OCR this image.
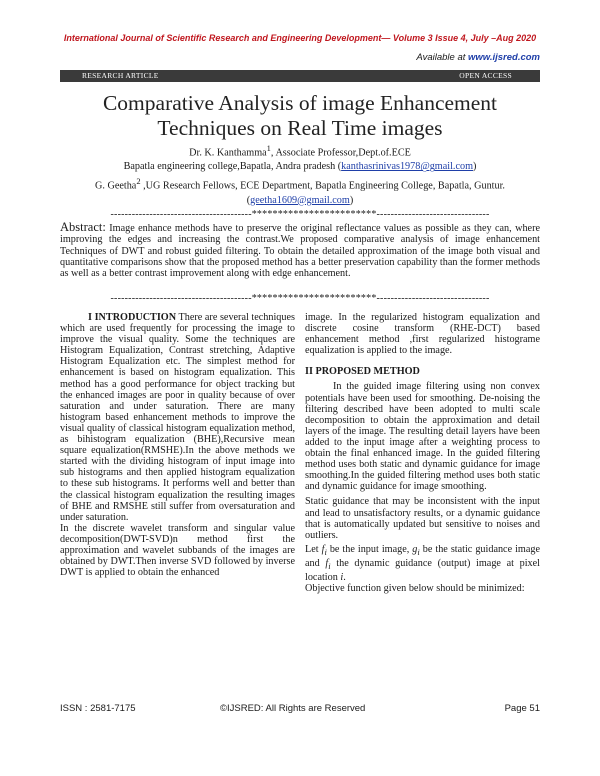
International Journal of Scientific Research and Engineering Development— Volume 3 Issue 4, July –Aug 2020
Available at www.ijsred.com
RESEARCH ARTICLE	OPEN ACCESS
Comparative Analysis of image Enhancement
Techniques on Real Time images
Dr. K. Kanthamma$^1$, Associate Professor,Dept.of.ECE
Bapatla engineering college,Bapatla, Andra pradesh (kanthasrinivas1978@gmail.com)
G. Geetha$^2$ ,UG Research Fellows, ECE Department, Bapatla Engineering College, Bapatla, Guntur.
(geetha1609@gmail.com)
----------------------------------------************************--------------------------------
Abstract: Image enhance methods have to preserve the original reflectance values as possible as they can, where improving the edges and increasing the contrast.We proposed comparative analysis of image enhancement Techniques of DWT and robust guided filtering. To obtain the detailed approximation of the image both visual and quantitative comparisons show that the proposed method has a better preservation capability than the former methods as well as a better contrast improvement along with edge enhancement.
----------------------------------------************************--------------------------------

I INTRODUCTION There are several techniques which are used frequently for processing the image to improve the visual quality. Some the techniques are Histogram Equalization, Contrast stretching, Adaptive Histogram Equalization etc. The simplest method for enhancement is based on histogram equalization. This method has a good performance for object tracking but the enhanced images are poor in quality because of over saturation and under saturation. There are many histogram based enhancement methods to improve the visual quality of classical histogram equalization method, as bihistogram equalization (BHE),Recursive mean square equalization(RMSHE).In the above methods we started with the dividing histogram of input image into sub histograms and then applied histogram equalization to these sub histograms. It performs well and better than the classical histogram equalization the resulting images of BHE and RMSHE still suffer from oversaturation and under saturation.

In the discrete wavelet transform and singular value decomposition(DWT-SVD)n method first the approximation and wavelet subbands of the images are obtained by DWT.Then inverse SVD followed by inverse DWT is applied to obtain the enhanced

image. In the regularized histogram equalization and discrete cosine transform (RHE-DCT) based enhancement method ,first regularized histograme equalization is applied to the image.

II PROPOSED METHOD

In the guided image filtering using non convex potentials have been used for smoothing. De-noising the filtering described have been adopted to multi scale decomposition to obtain the approximation and detail layers of the image. The resulting detail layers have been added to the input image after a weighting process to obtain the final enhanced image. In the guided filtering method uses both static and dynamic guidance for image smoothing.In the guided filtering method uses both static and dynamic guidance for image smoothing.

Static guidance that may be inconsistent with the input and lead to unsatisfactory results, or a dynamic guidance that is automatically updated but sensitive to noises and outliers.

Let $f_i$ be the input image, $g_i$ be the static guidance image and $f_i$ the dynamic guidance (output) image at pixel location i.

Objective function given below should be minimized:

ISSN : 2581-7175	©IJSRED: All Rights are Reserved	Page 51
